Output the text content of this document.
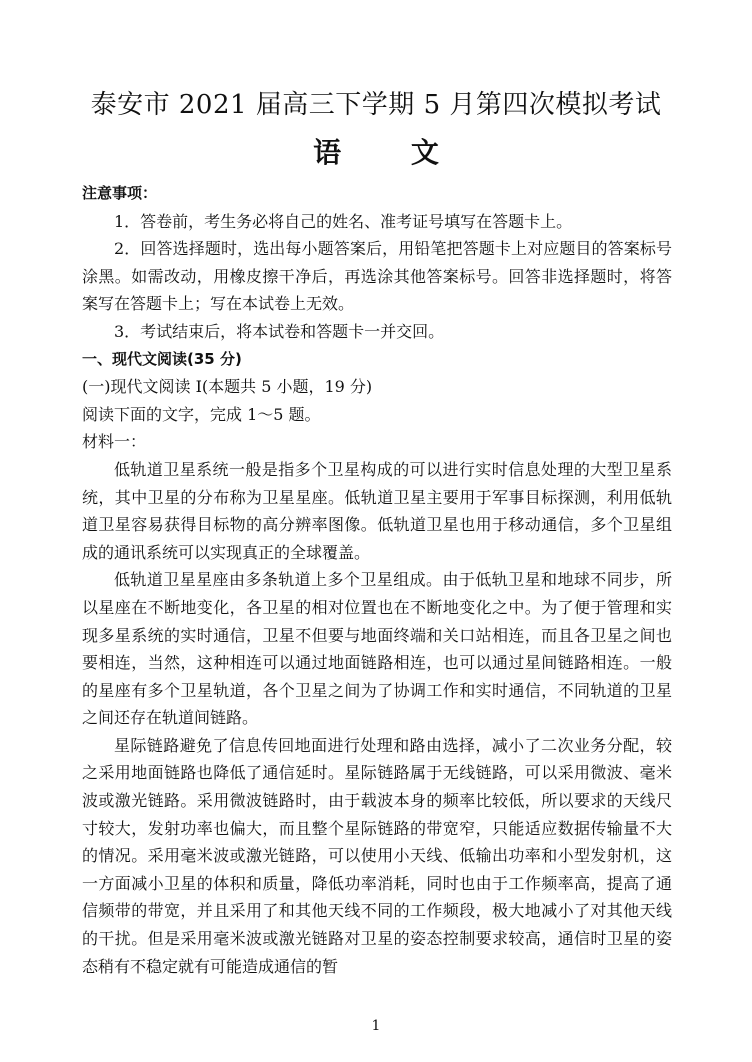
泰安市 2021 届高三下学期 5 月第四次模拟考试
语 文

注意事项：

1．答卷前，考生务必将自己的姓名、准考证号填写在答题卡上。

2．回答选择题时，选出每小题答案后，用铅笔把答题卡上对应题目的答案标号涂黑。如需改动，用橡皮擦干净后，再选涂其他答案标号。回答非选择题时，将答案写在答题卡上；写在本试卷上无效。

3．考试结束后，将本试卷和答题卡一并交回。

一、现代文阅读(35 分)

(一)现代文阅读 I(本题共 5 小题，19 分)

阅读下面的文字，完成 1～5 题。

材料一：

低轨道卫星系统一般是指多个卫星构成的可以进行实时信息处理的大型卫星系统，其中卫星的分布称为卫星星座。低轨道卫星主要用于军事目标探测，利用低轨道卫星容易获得目标物的高分辨率图像。低轨道卫星也用于移动通信，多个卫星组成的通讯系统可以实现真正的全球覆盖。

低轨道卫星星座由多条轨道上多个卫星组成。由于低轨卫星和地球不同步，所以星座在不断地变化，各卫星的相对位置也在不断地变化之中。为了便于管理和实现多星系统的实时通信，卫星不但要与地面终端和关口站相连，而且各卫星之间也要相连，当然，这种相连可以通过地面链路相连，也可以通过星间链路相连。一般的星座有多个卫星轨道，各个卫星之间为了协调工作和实时通信，不同轨道的卫星之间还存在轨道间链路。

星际链路避免了信息传回地面进行处理和路由选择，减小了二次业务分配，较之采用地面链路也降低了通信延时。星际链路属于无线链路，可以采用微波、毫米波或激光链路。采用微波链路时，由于载波本身的频率比较低，所以要求的天线尺寸较大，发射功率也偏大，而且整个星际链路的带宽窄，只能适应数据传输量不大的情况。采用毫米波或激光链路，可以使用小天线、低输出功率和小型发射机，这一方面减小卫星的体积和质量，降低功率消耗，同时也由于工作频率高，提高了通信频带的带宽，并且采用了和其他天线不同的工作频段，极大地减小了对其他天线的干扰。但是采用毫米波或激光链路对卫星的姿态控制要求较高，通信时卫星的姿态稍有不稳定就有可能造成通信的暂

1
